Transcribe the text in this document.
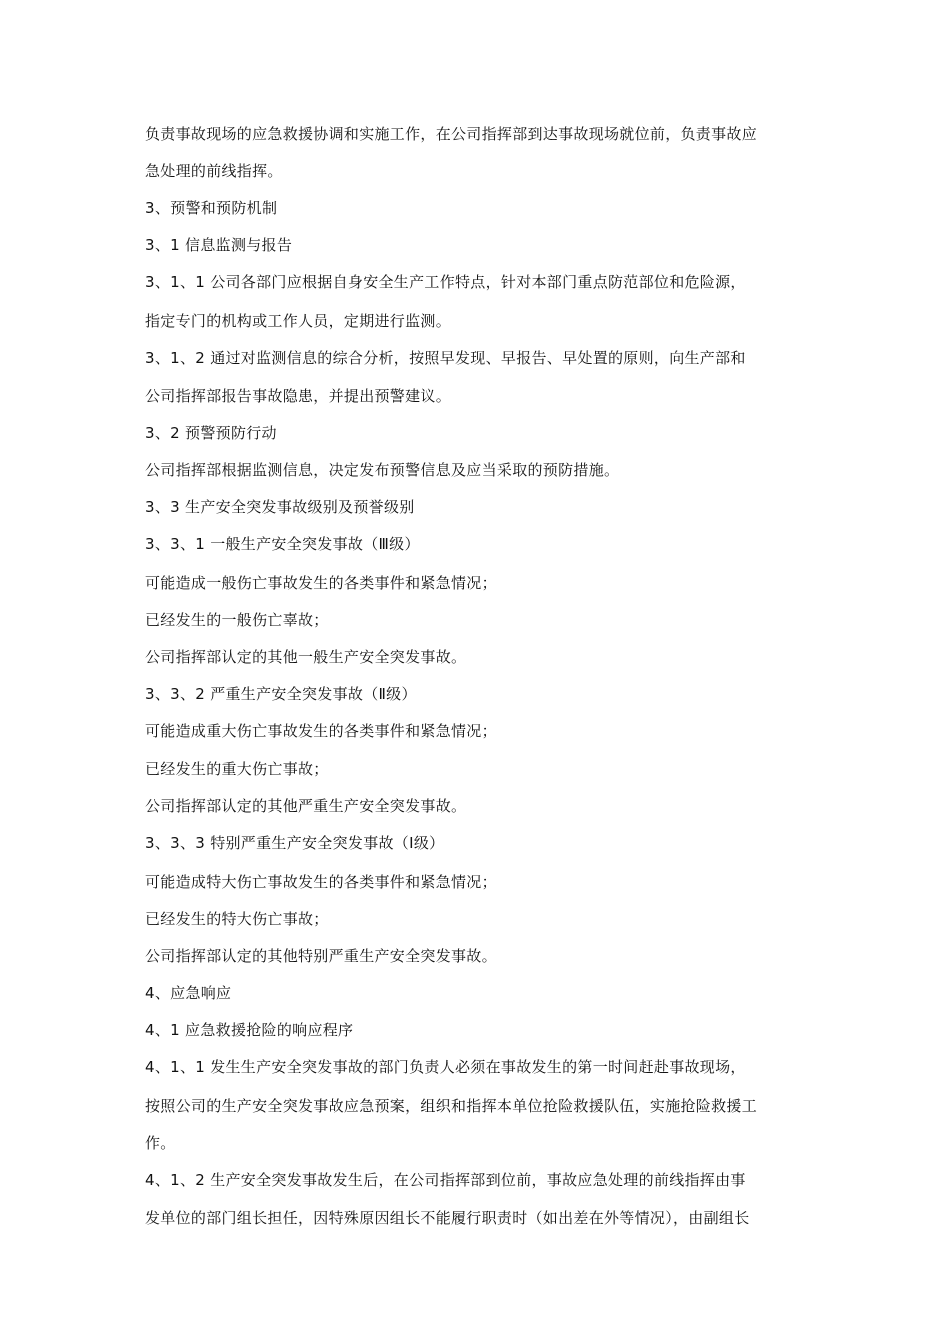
负责事故现场的应急救援协调和实施工作，在公司指挥部到达事故现场就位前，负责事故应
急处理的前线指挥。
3、预警和预防机制
3、1 信息监测与报告
3、1、1 公司各部门应根据自身安全生产工作特点，针对本部门重点防范部位和危险源，
指定专门的机构或工作人员，定期进行监测。
3、1、2 通过对监测信息的综合分析，按照早发现、早报告、早处置的原则，向生产部和
公司指挥部报告事故隐患，并提出预警建议。
3、2 预警预防行动
公司指挥部根据监测信息，决定发布预警信息及应当采取的预防措施。
3、3 生产安全突发事故级别及预誉级别
3、3、1 一般生产安全突发事故（Ⅲ级）
可能造成一般伤亡事故发生的各类事件和紧急情况；
已经发生的一般伤亡辜故；
公司指挥部认定的其他一般生产安全突发事故。
3、3、2 严重生产安全突发事故（Ⅱ级）
可能造成重大伤亡事故发生的各类事件和紧急情况；
已经发生的重大伤亡事故；
公司指挥部认定的其他严重生产安全突发事故。
3、3、3 特别严重生产安全突发事故（Ⅰ级）
可能造成特大伤亡事故发生的各类事件和紧急情况；
已经发生的特大伤亡事故；
公司指挥部认定的其他特别严重生产安全突发事故。
4、应急响应
4、1 应急救援抢险的响应程序
4、1、1 发生生产安全突发事故的部门负责人必须在事故发生的第一时间赶赴事故现场，
按照公司的生产安全突发事故应急预案，组织和指挥本单位抢险救援队伍，实施抢险救援工
作。
4、1、2 生产安全突发事故发生后，在公司指挥部到位前，事故应急处理的前线指挥由事
发单位的部门组长担任，因特殊原因组长不能履行职责时（如出差在外等情况），由副组长
